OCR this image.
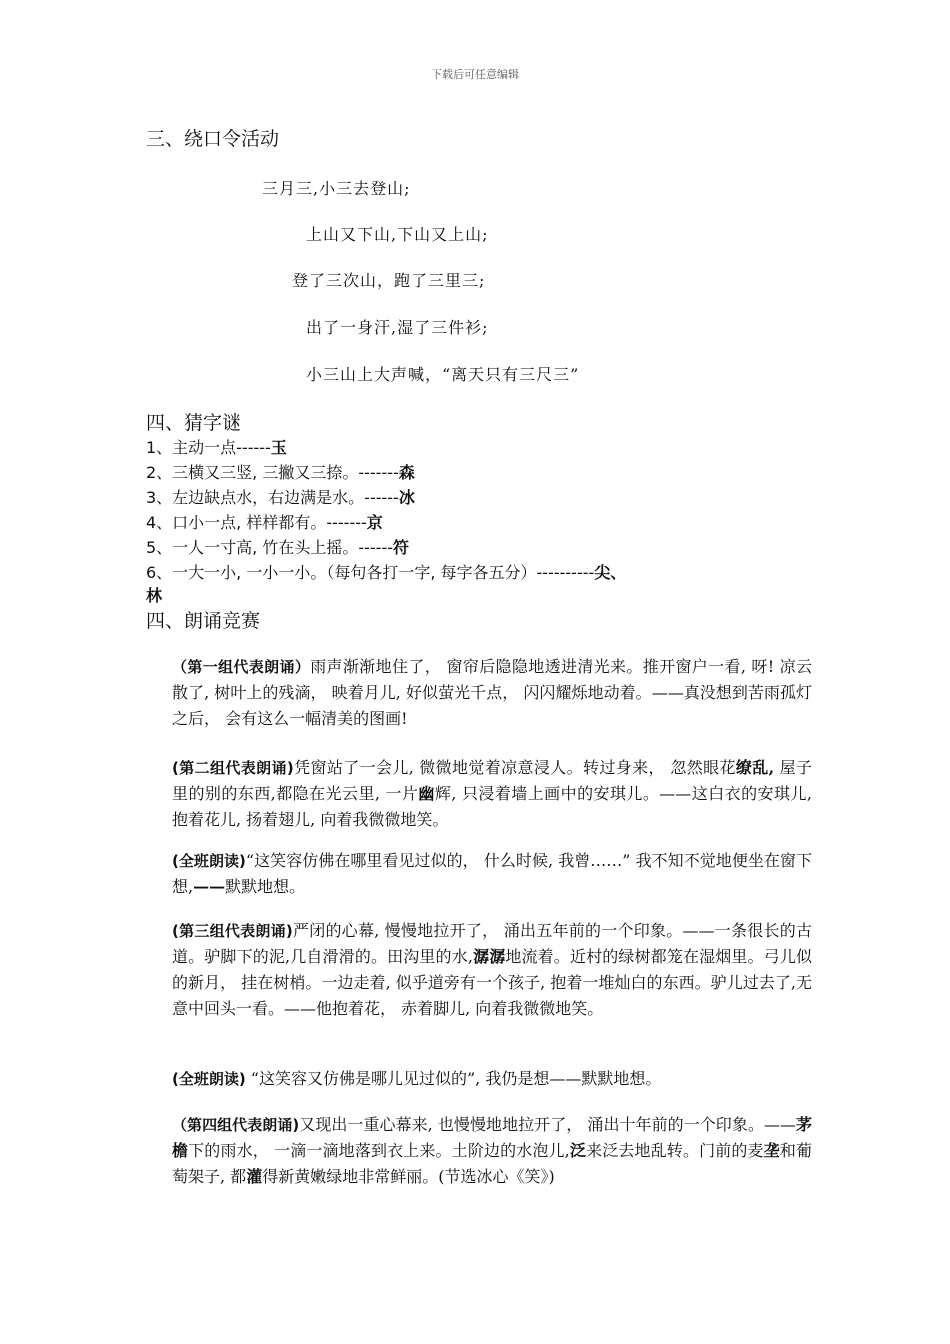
下载后可任意编辑
三、绕口令活动
三月三,小三去登山;
上山又下山,下山又上山;
登了三次山，跑了三里三;
出了一身汗,湿了三件衫;
小三山上大声喊，“离天只有三尺三”
四、猜字谜
1、主动一点------玉
2、三横又三竖, 三撇又三捺。-------森
3、左边缺点水，右边满是水。------冰
4、口小一点, 样样都有。-------京
5、一人一寸高, 竹在头上摇。------符
6、一大一小, 一小一小。（每句各打一字, 每字各五分）----------尖、
林
四、朗诵竞赛
（第一组代表朗诵）雨声渐渐地住了， 窗帘后隐隐地透进清光来。推开窗户一看, 呀! 凉云散了, 树叶上的残滴， 映着月儿, 好似萤光千点， 闪闪耀烁地动着。——真没想到苦雨孤灯之后， 会有这么一幅清美的图画!
(第二组代表朗诵)凭窗站了一会儿, 微微地觉着凉意浸人。转过身来， 忽然眼花缭乱, 屋子里的别的东西,都隐在光云里, 一片幽辉, 只浸着墙上画中的安琪儿。——这白衣的安琪儿, 抱着花儿, 扬着翅儿, 向着我微微地笑。
(全班朗读)“这笑容仿佛在哪里看见过似的， 什么时候, 我曾……” 我不知不觉地便坐在窗下想,——默默地想。
(第三组代表朗诵)严闭的心幕, 慢慢地拉开了， 涌出五年前的一个印象。——一条很长的古道。驴脚下的泥,几自滑滑的。田沟里的水,潺潺地流着。近村的绿树都笼在湿烟里。弓儿似的新月， 挂在树梢。一边走着, 似乎道旁有一个孩子, 抱着一堆灿白的东西。驴儿过去了,无意中回头一看。——他抱着花， 赤着脚儿, 向着我微微地笑。
(全班朗读) “这笑容又仿佛是哪儿见过似的”, 我仍是想——默默地想。
（第四组代表朗诵)又现出一重心幕来, 也慢慢地地拉开了， 涌出十年前的一个印象。——茅檐下的雨水， 一滴一滴地落到衣上来。土阶边的水泡儿,泛来泛去地乱转。门前的麦垄和葡萄架子, 都灌得新黄嫩绿地非常鲜丽。(节选冰心《笑》)
